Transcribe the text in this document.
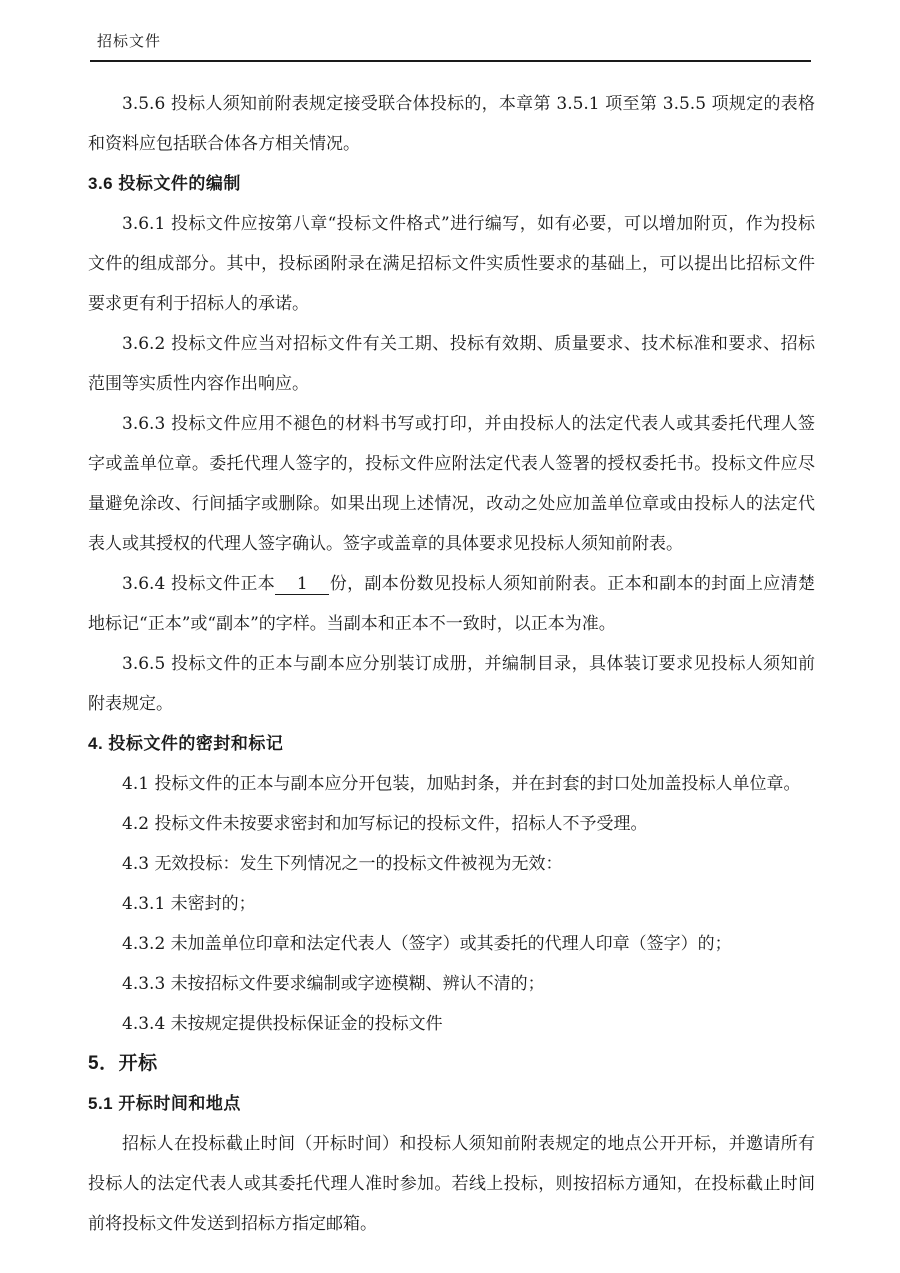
招标文件

3.5.6 投标人须知前附表规定接受联合体投标的，本章第 3.5.1 项至第 3.5.5 项规定的表格和资料应包括联合体各方相关情况。

3.6 投标文件的编制

3.6.1 投标文件应按第八章“投标文件格式”进行编写，如有必要，可以增加附页，作为投标文件的组成部分。其中，投标函附录在满足招标文件实质性要求的基础上，可以提出比招标文件要求更有利于招标人的承诺。

3.6.2 投标文件应当对招标文件有关工期、投标有效期、质量要求、技术标准和要求、招标范围等实质性内容作出响应。

3.6.3 投标文件应用不褪色的材料书写或打印，并由投标人的法定代表人或其委托代理人签字或盖单位章。委托代理人签字的，投标文件应附法定代表人签署的授权委托书。投标文件应尽量避免涂改、行间插字或删除。如果出现上述情况，改动之处应加盖单位章或由投标人的法定代表人或其授权的代理人签字确认。签字或盖章的具体要求见投标人须知前附表。

3.6.4 投标文件正本 1 份，副本份数见投标人须知前附表。正本和副本的封面上应清楚地标记“正本”或“副本”的字样。当副本和正本不一致时，以正本为准。

3.6.5 投标文件的正本与副本应分别装订成册，并编制目录，具体装订要求见投标人须知前附表规定。

4. 投标文件的密封和标记

4.1 投标文件的正本与副本应分开包装，加贴封条，并在封套的封口处加盖投标人单位章。

4.2 投标文件未按要求密封和加写标记的投标文件，招标人不予受理。

4.3 无效投标：发生下列情况之一的投标文件被视为无效：

4.3.1 未密封的；

4.3.2 未加盖单位印章和法定代表人（签字）或其委托的代理人印章（签字）的；

4.3.3 未按招标文件要求编制或字迹模糊、辨认不清的；

4.3.4 未按规定提供投标保证金的投标文件

5．开标
5.1 开标时间和地点

招标人在投标截止时间（开标时间）和投标人须知前附表规定的地点公开开标，并邀请所有投标人的法定代表人或其委托代理人准时参加。若线上投标，则按招标方通知，在投标截止时间前将投标文件发送到招标方指定邮箱。
